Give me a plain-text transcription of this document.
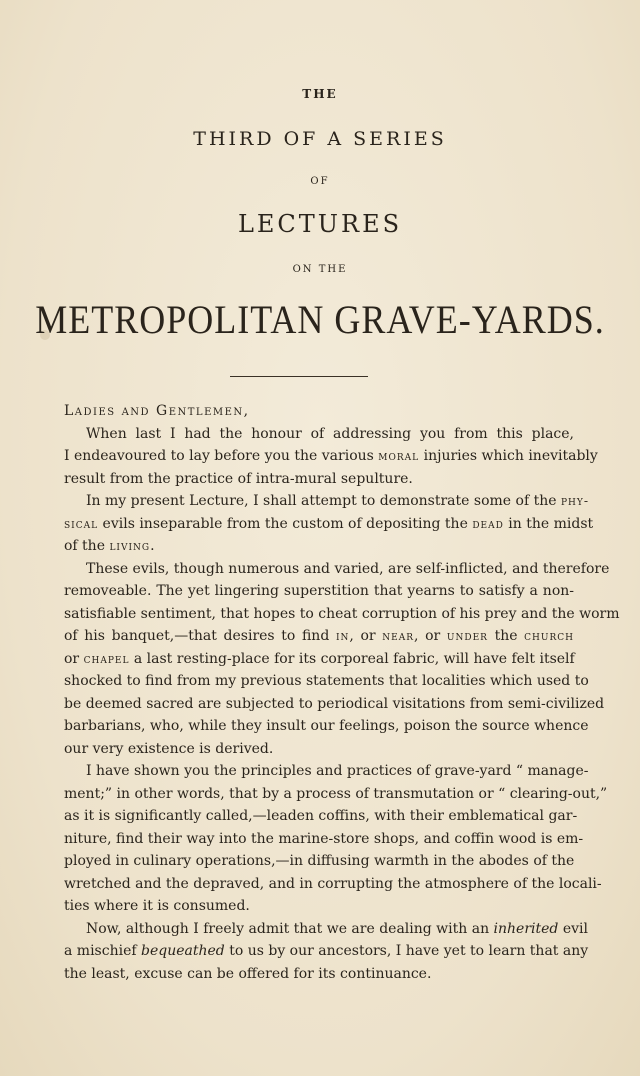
THE
THIRD OF A SERIES
OF
LECTURES
ON THE
METROPOLITAN GRAVE-YARDS.
Ladies and Gentlemen,
When last I had the honour of addressing you from this place,
I endeavoured to lay before you the various moral injuries which inevitably
result from the practice of intra-mural sepulture.
In my present Lecture, I shall attempt to demonstrate some of the phy-
sical evils inseparable from the custom of depositing the dead in the midst
of the living.
These evils, though numerous and varied, are self-inflicted, and therefore
removeable. The yet lingering superstition that yearns to satisfy a non-
satisfiable sentiment, that hopes to cheat corruption of his prey and the worm
of his banquet,—that desires to find in, or near, or under the church
or chapel a last resting-place for its corporeal fabric, will have felt itself
shocked to find from my previous statements that localities which used to
be deemed sacred are subjected to periodical visitations from semi-civilized
barbarians, who, while they insult our feelings, poison the source whence
our very existence is derived.
I have shown you the principles and practices of grave-yard “ manage-
ment;” in other words, that by a process of transmutation or “ clearing-out,”
as it is significantly called,—leaden coffins, with their emblematical gar-
niture, find their way into the marine-store shops, and coffin wood is em-
ployed in culinary operations,—in diffusing warmth in the abodes of the
wretched and the depraved, and in corrupting the atmosphere of the locali-
ties where it is consumed.
Now, although I freely admit that we are dealing with an inherited evil
a mischief bequeathed to us by our ancestors, I have yet to learn that any
the least, excuse can be offered for its continuance.
